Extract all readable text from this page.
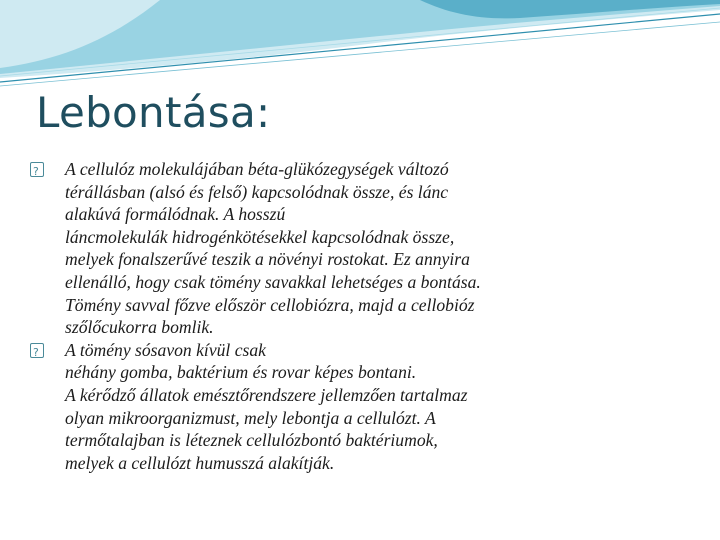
Lebontása:
?
A cellulóz molekulájában béta-glükózegységek változó
térállásban (alsó és felső) kapcsolódnak össze, és lánc
alakúvá formálódnak. A hosszú
láncmolekulák hidrogénkötésekkel kapcsolódnak össze,
melyek fonalszerűvé teszik a növényi rostokat. Ez annyira
ellenálló, hogy csak tömény savakkal lehetséges a bontása.
Tömény savval főzve először cellobiózra, majd a cellobióz
szőlőcukorra bomlik.
?
A tömény sósavon kívül csak
néhány gomba, baktérium és rovar képes bontani.
A kérődző állatok emésztőrendszere jellemzően tartalmaz
olyan mikroorganizmust, mely lebontja a cellulózt. A
termőtalajban is léteznek cellulózbontó baktériumok,
melyek a cellulózt humusszá alakítják.
